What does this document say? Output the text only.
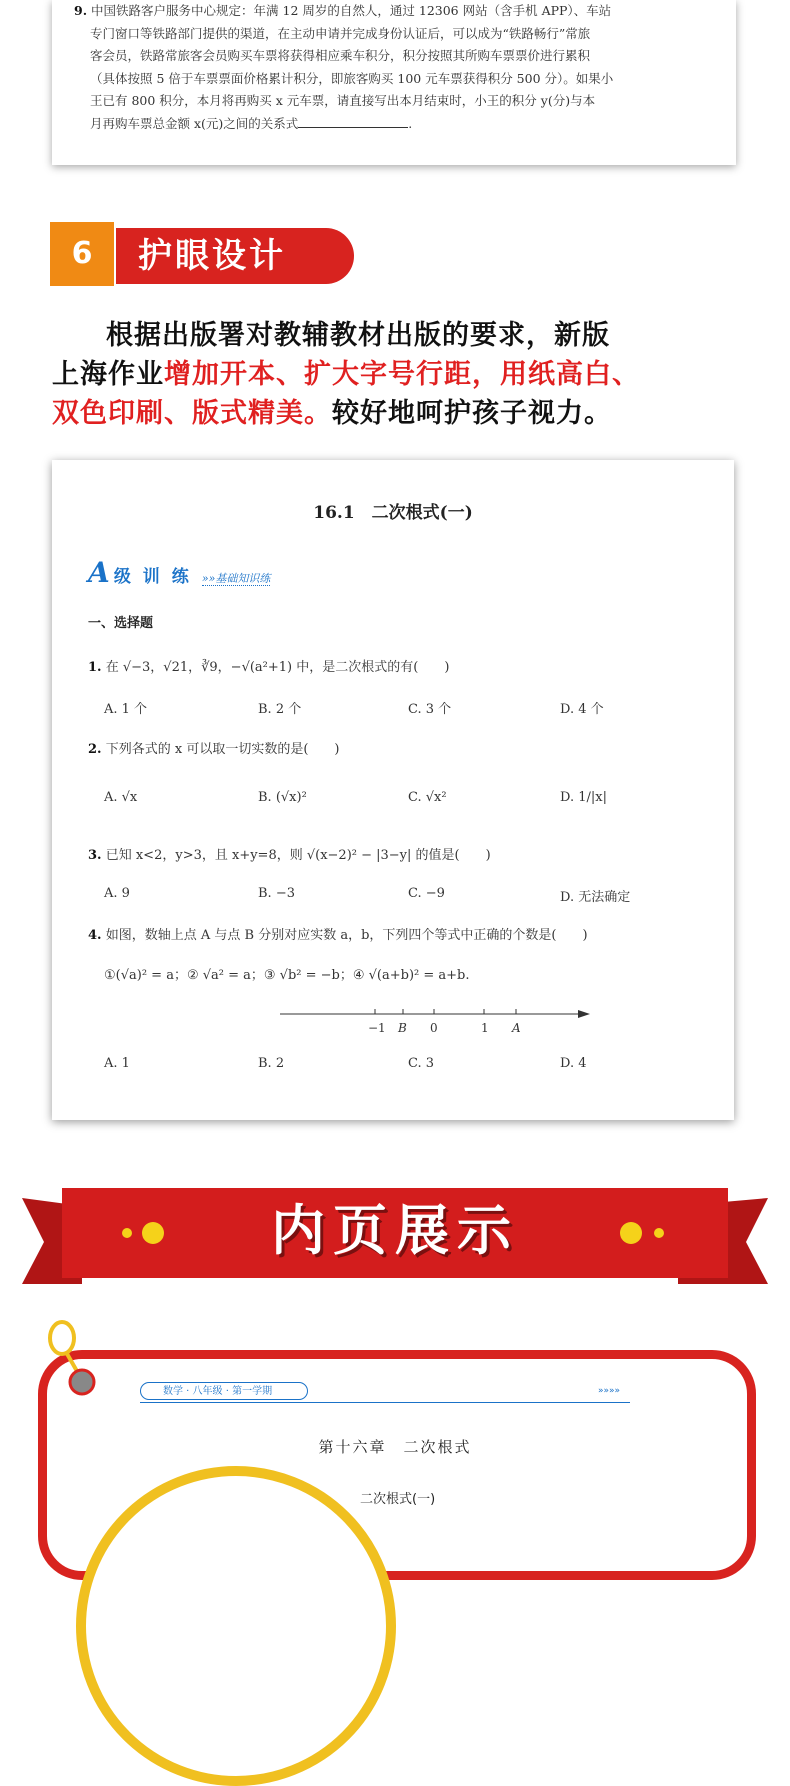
9. 中国铁路客户服务中心规定：年满 12 周岁的自然人，通过 12306 网站（含手机 APP）、车站
专门窗口等铁路部门提供的渠道，在主动申请并完成身份认证后，可以成为“铁路畅行”常旅
客会员，铁路常旅客会员购买车票将获得相应乘车积分，积分按照其所购车票票价进行累积
（具体按照 5 倍于车票票面价格累计积分，即旅客购买 100 元车票获得积分 500 分）。如果小
王已有 800 积分，本月将再购买 x 元车票，请直接写出本月结束时，小王的积分 y(分)与本
月再购车票总金额 x(元)之间的关系式	.
6	护眼设计
根据出版署对教辅教材出版的要求，新版
上海作业增加开本、扩大字号行距，用纸高白、
双色印刷、版式精美。较好地呵护孩子视力。
16.1　二次根式(一)
A 级 训 练 »»基础知识练
一、选择题
1. 在 √−3，√21，∛9，−√(a²+1) 中，是二次根式的有(　　)
A. 1 个	B. 2 个	C. 3 个	D. 4 个
2. 下列各式的 x 可以取一切实数的是(　　)
A. √x	B. (√x)²	C. √x²	D. 1/|x|
3. 已知 x<2，y>3，且 x+y=8，则 √(x−2)² − |3−y| 的值是(　　)
A. 9	B. −3	C. −9	D. 无法确定
4. 如图，数轴上点 A 与点 B 分别对应实数 a，b，下列四个等式中正确的个数是(　　)
①(√a)² = a；② √a² = a；③ √b² = −b；④ √(a+b)² = a+b.
−1 B 0	1 A
A. 1	B. 2	C. 3	D. 4
内页展示
数学 · 八年级 · 第一学期	»»»»
第十六章　二次根式
二次根式(一)
